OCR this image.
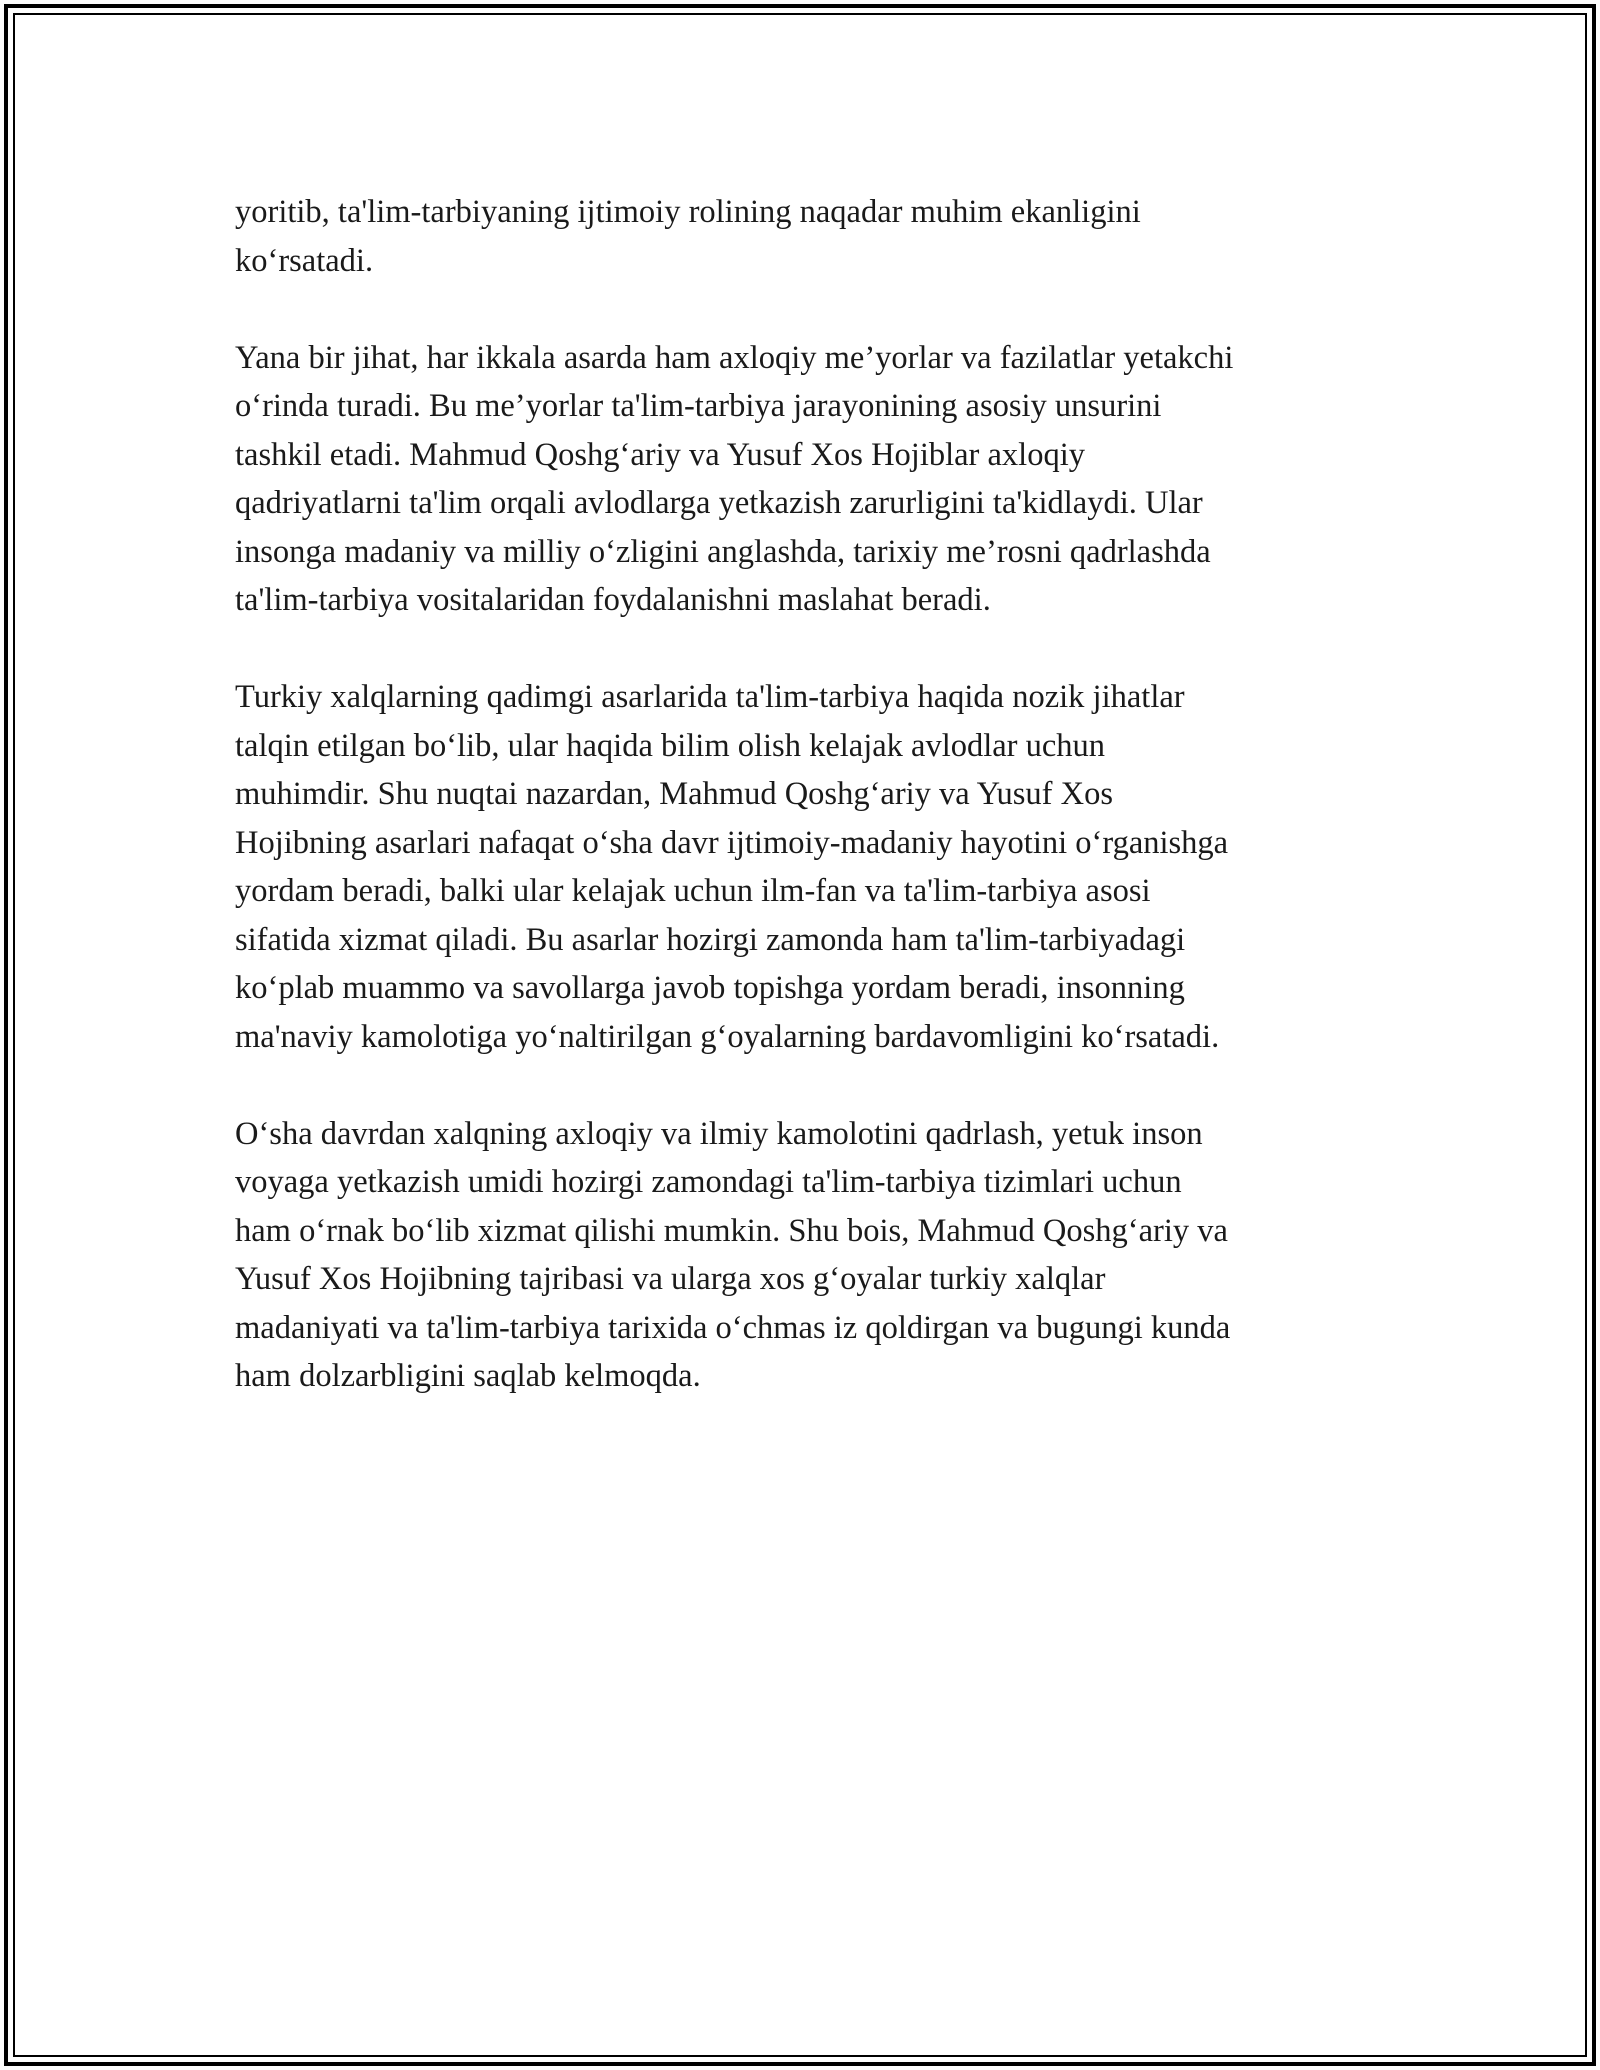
yoritib, ta'lim-tarbiyaning ijtimoiy rolining naqadar muhim ekanligini
ko‘rsatadi.

Yana bir jihat, har ikkala asarda ham axloqiy me’yorlar va fazilatlar yetakchi
o‘rinda turadi. Bu me’yorlar ta'lim-tarbiya jarayonining asosiy unsurini
tashkil etadi. Mahmud Qoshg‘ariy va Yusuf Xos Hojiblar axloqiy
qadriyatlarni ta'lim orqali avlodlarga yetkazish zarurligini ta'kidlaydi. Ular
insonga madaniy va milliy o‘zligini anglashda, tarixiy me’rosni qadrlashda
ta'lim-tarbiya vositalaridan foydalanishni maslahat beradi.

Turkiy xalqlarning qadimgi asarlarida ta'lim-tarbiya haqida nozik jihatlar
talqin etilgan bo‘lib, ular haqida bilim olish kelajak avlodlar uchun
muhimdir. Shu nuqtai nazardan, Mahmud Qoshg‘ariy va Yusuf Xos
Hojibning asarlari nafaqat o‘sha davr ijtimoiy-madaniy hayotini o‘rganishga
yordam beradi, balki ular kelajak uchun ilm-fan va ta'lim-tarbiya asosi
sifatida xizmat qiladi. Bu asarlar hozirgi zamonda ham ta'lim-tarbiyadagi
ko‘plab muammo va savollarga javob topishga yordam beradi, insonning
ma'naviy kamolotiga yo‘naltirilgan g‘oyalarning bardavomligini ko‘rsatadi.

O‘sha davrdan xalqning axloqiy va ilmiy kamolotini qadrlash, yetuk inson
voyaga yetkazish umidi hozirgi zamondagi ta'lim-tarbiya tizimlari uchun
ham o‘rnak bo‘lib xizmat qilishi mumkin. Shu bois, Mahmud Qoshg‘ariy va
Yusuf Xos Hojibning tajribasi va ularga xos g‘oyalar turkiy xalqlar
madaniyati va ta'lim-tarbiya tarixida o‘chmas iz qoldirgan va bugungi kunda
ham dolzarbligini saqlab kelmoqda.
